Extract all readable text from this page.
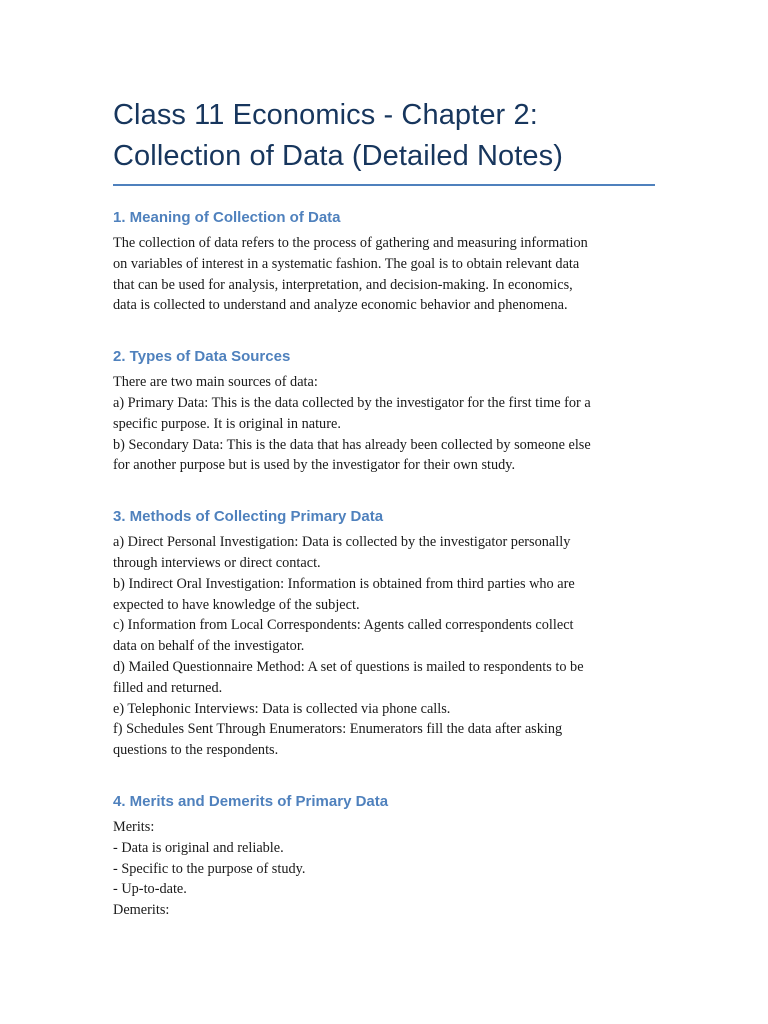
Class 11 Economics - Chapter 2:
Collection of Data (Detailed Notes)
1. Meaning of Collection of Data

The collection of data refers to the process of gathering and measuring information
on variables of interest in a systematic fashion. The goal is to obtain relevant data
that can be used for analysis, interpretation, and decision-making. In economics,
data is collected to understand and analyze economic behavior and phenomena.

2. Types of Data Sources

There are two main sources of data:
a) Primary Data: This is the data collected by the investigator for the first time for a
specific purpose. It is original in nature.
b) Secondary Data: This is the data that has already been collected by someone else
for another purpose but is used by the investigator for their own study.

3. Methods of Collecting Primary Data

a) Direct Personal Investigation: Data is collected by the investigator personally
through interviews or direct contact.
b) Indirect Oral Investigation: Information is obtained from third parties who are
expected to have knowledge of the subject.
c) Information from Local Correspondents: Agents called correspondents collect
data on behalf of the investigator.
d) Mailed Questionnaire Method: A set of questions is mailed to respondents to be
filled and returned.
e) Telephonic Interviews: Data is collected via phone calls.
f) Schedules Sent Through Enumerators: Enumerators fill the data after asking
questions to the respondents.

4. Merits and Demerits of Primary Data

Merits:
- Data is original and reliable.
- Specific to the purpose of study.
- Up-to-date.
Demerits:
